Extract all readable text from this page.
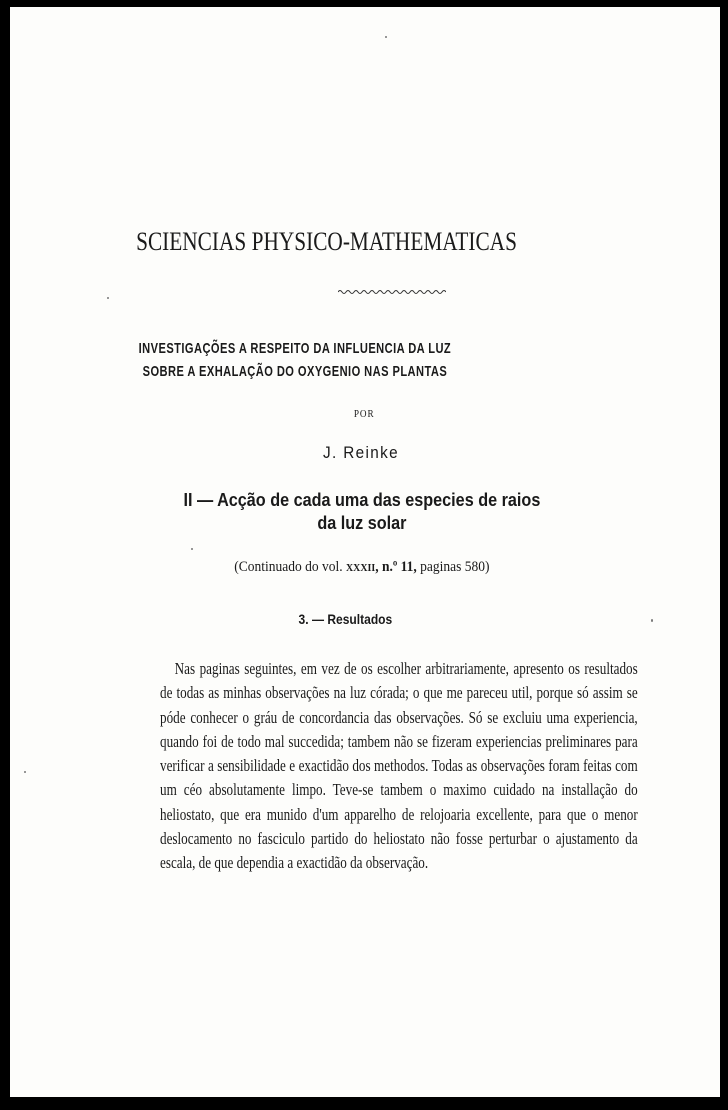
SCIENCIAS PHYSICO-MATHEMATICAS
INVESTIGAÇÕES A RESPEITO DA INFLUENCIA DA LUZ
SOBRE A EXHALAÇÃO DO OXYGENIO NAS PLANTAS
POR
J. Reinke
II — Acção de cada uma das especies de raios
da luz solar
(Continuado do vol. xxxii, n.º 11, paginas 580)
3. — Resultados

Nas paginas seguintes, em vez de os escolher arbitrariamente, apresento os resultados de todas as minhas observações na luz córada; o que me pareceu util, porque só assim se póde conhecer o gráu de concordancia das observações. Só se excluiu uma experiencia, quando foi de todo mal succedida; tambem não se fizeram experiencias preliminares para verificar a sensibilidade e exactidão dos methodos. Todas as observações foram feitas com um céo absolutamente limpo. Teve-se tambem o maximo cuidado na installação do heliostato, que era munido d'um apparelho de relojoaria excellente, para que o menor deslocamento no fasciculo partido do heliostato não fosse perturbar o ajustamento da escala, de que dependia a exactidão da observação.
